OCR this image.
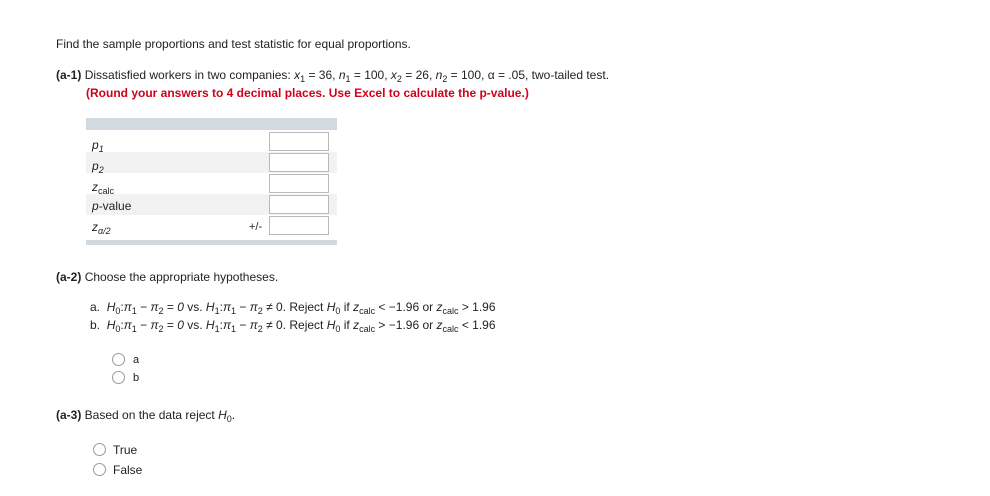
Find the sample proportions and test statistic for equal proportions.
(a-1) Dissatisfied workers in two companies: $x_1 = 36$, $n_1 = 100$, $x_2 = 26$, $n_2 = 100$, α = .05, two-tailed test.
(Round your answers to 4 decimal places. Use Excel to calculate the p-value.)
$p_1$
$p_2$
$z_{calc}$
p-value
$z_{\alpha/2}$	+/-
(a-2) Choose the appropriate hypotheses.
a.  $H_0:\pi_1 - \pi_2 = 0$ vs. $H_1:\pi_1 - \pi_2 \ne 0$. Reject $H_0$ if $z_{calc} < -1.96$ or $z_{calc} > 1.96$
b.  $H_0:\pi_1 - \pi_2 = 0$ vs. $H_1:\pi_1 - \pi_2 \ne 0$. Reject $H_0$ if $z_{calc} > -1.96$ or $z_{calc} < 1.96$
a
b
(a-3) Based on the data reject $H_0$.
True
False
